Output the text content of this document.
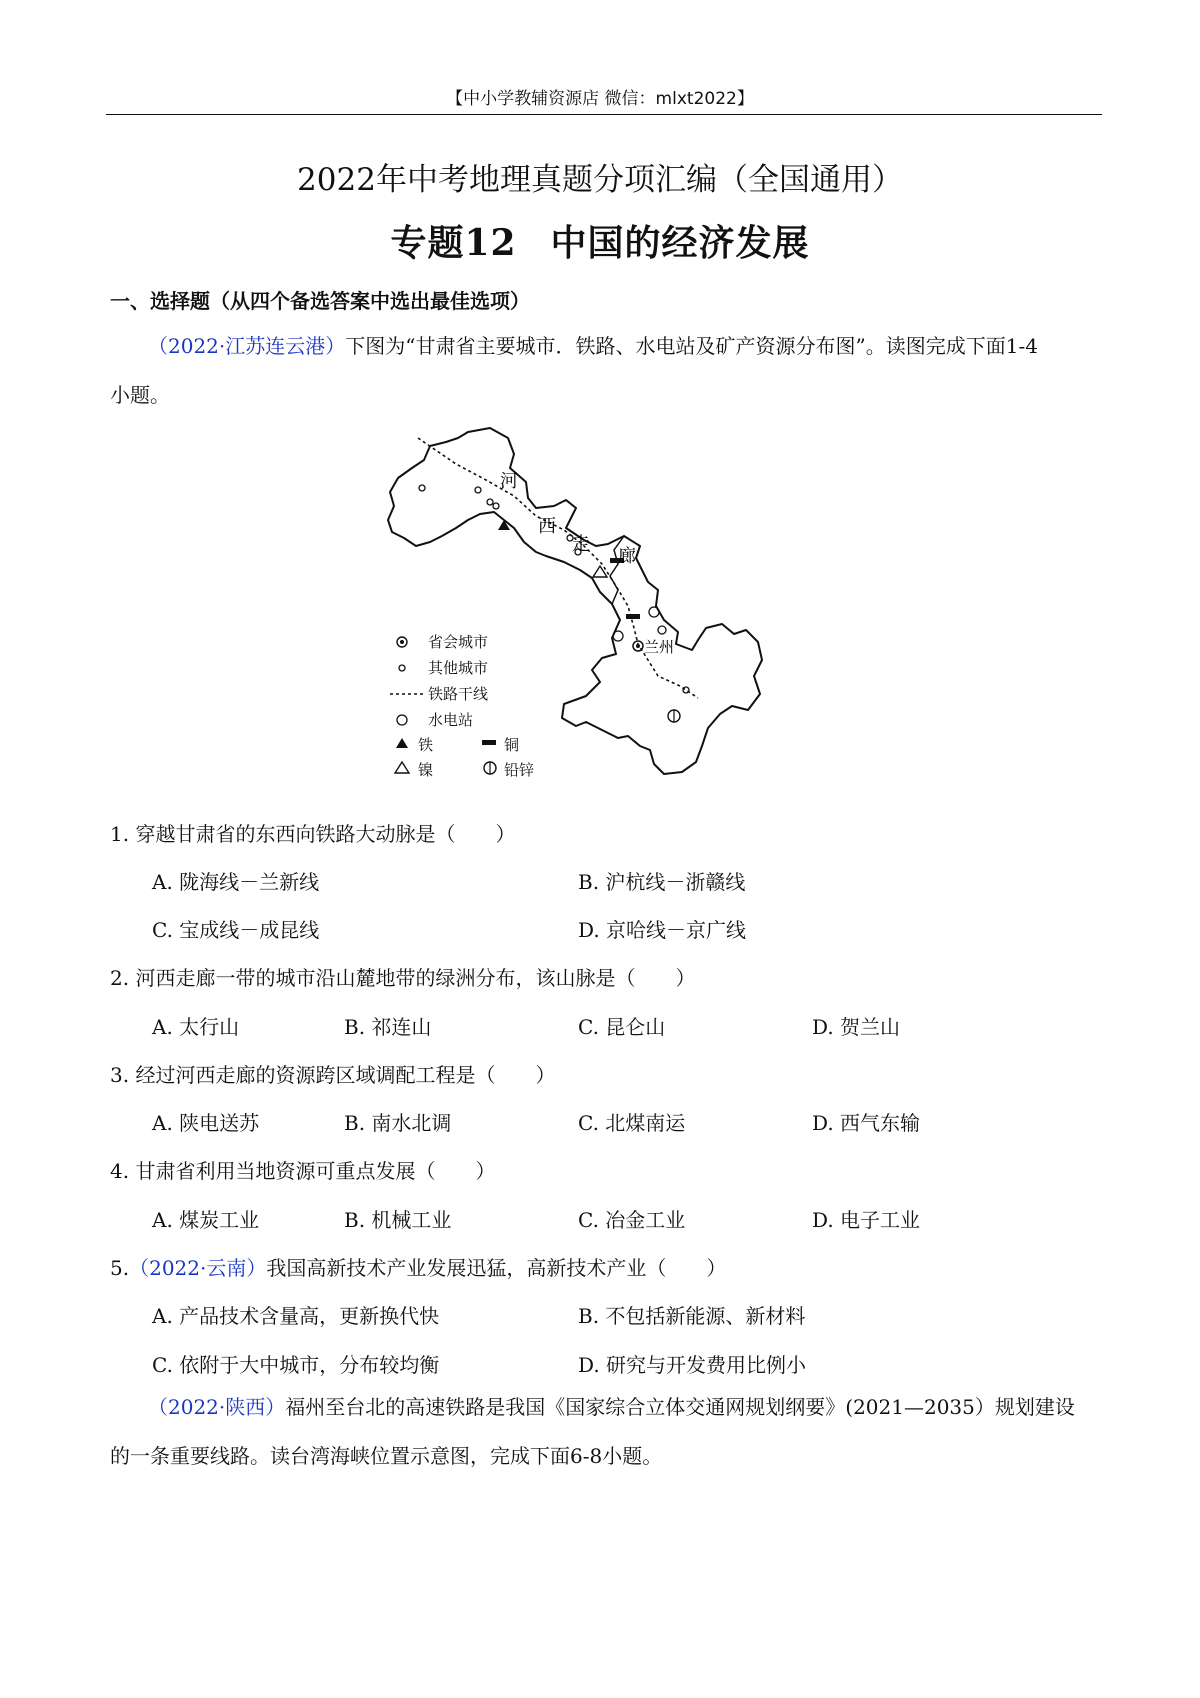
【中小学教辅资源店 微信：mlxt2022】
2022年中考地理真题分项汇编（全国通用）
专题12 中国的经济发展
一、选择题（从四个备选答案中选出最佳选项）
（2022·江苏连云港）下图为“甘肃省主要城市．铁路、水电站及矿产资源分布图”。读图完成下面1-4
小题。
河
西
走
廊
兰州
省会城市
其他城市
铁路干线
水电站
铁	铜
镍	铅锌
1. 穿越甘肃省的东西向铁路大动脉是（　　）
A. 陇海线－兰新线	B. 沪杭线－浙赣线
C. 宝成线－成昆线	D. 京哈线－京广线
2. 河西走廊一带的城市沿山麓地带的绿洲分布，该山脉是（　　）
A. 太行山	B. 祁连山	C. 昆仑山	D. 贺兰山
3. 经过河西走廊的资源跨区域调配工程是（　　）
A. 陕电送苏	B. 南水北调	C. 北煤南运	D. 西气东输
4. 甘肃省利用当地资源可重点发展（　　）
A. 煤炭工业	B. 机械工业	C. 冶金工业	D. 电子工业
5.（2022·云南）我国高新技术产业发展迅猛，高新技术产业（　　）
A. 产品技术含量高，更新换代快	B. 不包括新能源、新材料
C. 依附于大中城市，分布较均衡	D. 研究与开发费用比例小
（2022·陕西）福州至台北的高速铁路是我国《国家综合立体交通网规划纲要》(2021—2035）规划建设
的一条重要线路。读台湾海峡位置示意图，完成下面6-8小题。
